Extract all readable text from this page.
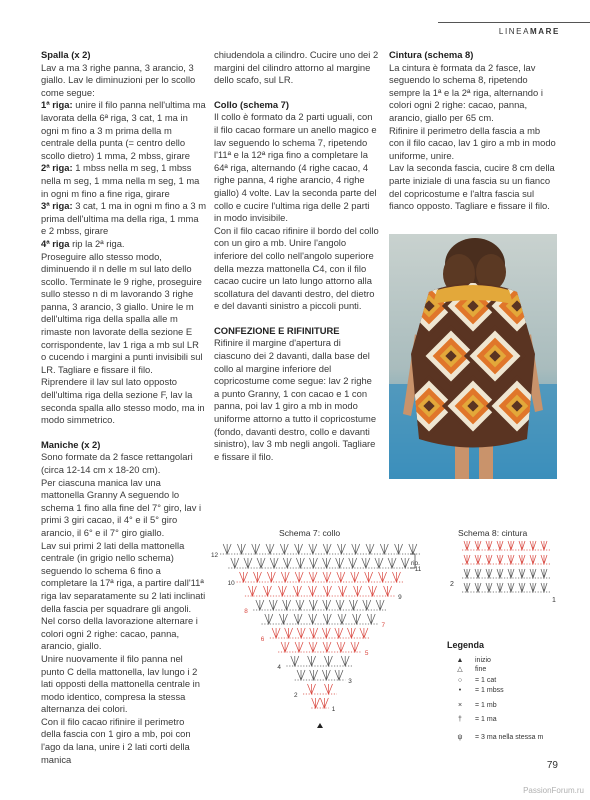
LINEAMARE
Spalla (x 2)

Lav a ma 3 righe panna, 3 arancio, 3 giallo. Lav le diminuzioni per lo scollo come segue:

1ª riga: unire il filo panna nell'ultima ma lavorata della 6ª riga, 3 cat, 1 ma in ogni m fino a 3 m prima della m centrale della punta (= centro dello scollo dietro) 1 mma, 2 mbss, girare

2ª riga: 1 mbss nella m seg, 1 mbss nella m seg, 1 mma nella m seg, 1 ma in ogni m fino a fine riga, girare

3ª riga: 3 cat, 1 ma in ogni m fino a 3 m prima dell'ultima ma della riga, 1 mma e 2 mbss, girare

4ª riga rip la 2ª riga.

Proseguire allo stesso modo, diminuendo il n delle m sul lato dello scollo. Terminate le 9 righe, proseguire sullo stesso n di m lavorando 3 righe panna, 3 arancio, 3 giallo. Unire le m dell'ultima riga della spalla alle m rimaste non lavorate della sezione E corrispondente, lav 1 riga a mb sul LR o cucendo i margini a punti invisibili sul LR. Tagliare e fissare il filo.

Riprendere il lav sul lato opposto dell'ultima riga della sezione F, lav la seconda spalla allo stesso modo, ma in modo simmetrico.

Maniche (x 2)

Sono formate da 2 fasce rettangolari (circa 12-14 cm x 18-20 cm).

Per ciascuna manica lav una mattonella Granny A seguendo lo schema 1 fino alla fine del 7° giro, lav i primi 3 giri cacao, il 4° e il 5° giro arancio, il 6° e il 7° giro giallo.

Lav sui primi 2 lati della mattonella centrale (in grigio nello schema) seguendo lo schema 6 fino a completare la 17ª riga, a partire dall'11ª riga lav separatamente su 2 lati inclinati della fascia per squadrare gli angoli.

Nel corso della lavorazione alternare i colori ogni 2 righe: cacao, panna, arancio, giallo.

Unire nuovamente il filo panna nel punto C della mattonella, lav lungo i 2 lati opposti della mattonella centrale in modo identico, compresa la stessa alternanza dei colori.

Con il filo cacao rifinire il perimetro della fascia con 1 giro a mb, poi con l'ago da lana, unire i 2 lati corti della manica

chiudendola a cilindro. Cucire uno dei 2 margini del cilindro attorno al margine dello scafo, sul LR.

Collo (schema 7)

Il collo è formato da 2 parti uguali, con il filo cacao formare un anello magico e lav seguendo lo schema 7, ripetendo l'11ª e la 12ª riga fino a completare la 64ª riga, alternando (4 righe cacao, 4 righe panna, 4 righe arancio, 4 righe giallo) 4 volte. Lav la seconda parte del collo e cucire l'ultima riga delle 2 parti in modo invisibile.

Con il filo cacao rifinire il bordo del collo con un giro a mb. Unire l'angolo inferiore del collo nell'angolo superiore della mezza mattonella C4, con il filo cacao cucire un lato lungo attorno alla scollatura del davanti destro, del dietro e del davanti sinistro a piccoli punti.

CONFEZIONE E RIFINITURE

Rifinire il margine d'apertura di ciascuno dei 2 davanti, dalla base del collo al margine inferiore del copricostume come segue: lav 2 righe a punto Granny, 1 con cacao e 1 con panna, poi lav 1 giro a mb in modo uniforme attorno a tutto il copricostume (fondo, davanti destro, collo e davanti sinistro), lav 3 mb negli angoli. Tagliare e fissare il filo.

Cintura (schema 8)

La cintura è formata da 2 fasce, lav seguendo lo schema 8, ripetendo sempre la 1ª e la 2ª riga, alternando i colori ogni 2 righe: cacao, panna, arancio, giallo per 65 cm.

Rifinire il perimetro della fascia a mb con il filo cacao, lav 1 giro a mb in modo uniforme, unire.

Lav la seconda fascia, cucire 8 cm della parte iniziale di una fascia su un fianco del copricostume e l'altra fascia sul fianco opposto. Tagliare e fissare il filo.

Schema 7: collo
12
11
10
9
8
7
6
5
4
3
2
1
rip.
Schema 8: cintura
2
1
Legenda
▲	inizio
△	fine
○	= 1 cat
•	= 1 mbss
×	= 1 mb
†	= 1 ma
ψ	= 3 ma nella stessa m
79
PassionForum.ru
